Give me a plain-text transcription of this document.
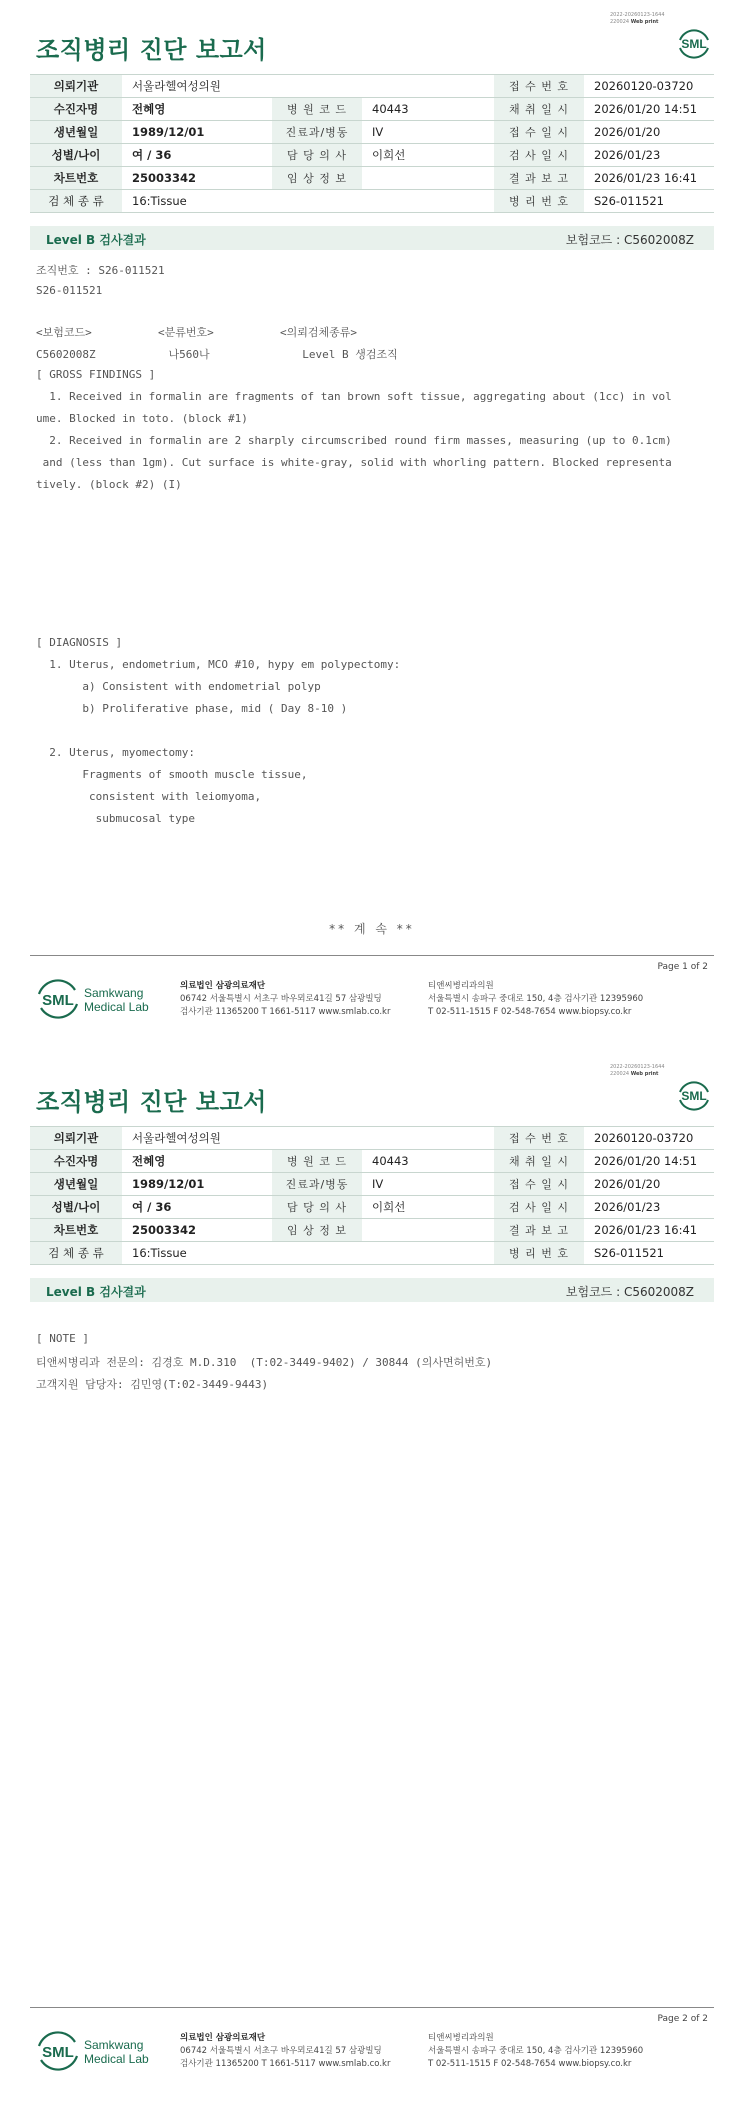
2022-20260123-1644
220024 Web print
조직병리 진단 보고서	SML
의뢰기관	서울라헬여성의원			접 수 번 호	20260120-03720
수진자명	전혜영	병 원 코 드	40443	채 취 일 시	2026/01/20 14:51
생년월일	1989/12/01	진료과/병동	IV	접 수 일 시	2026/01/20
성별/나이	여 / 36	담 당 의 사	이희선	검 사 일 시	2026/01/23
차트번호	25003342	임 상 정 보		결 과 보 고	2026/01/23 16:41
검 체 종 류	16:Tissue			병 리 번 호	S26-011521
Level B 검사결과	보험코드 : C5602008Z
조직번호 : S26-011521
S26-011521
<보험코드>          <분류번호>          <의뢰검체종류>
C5602008Z           나560나              Level B 생검조직
[ GROSS FINDINGS ]
1. Received in formalin are fragments of tan brown soft tissue, aggregating about (1cc) in vol
ume. Blocked in toto. (block #1)
2. Received in formalin are 2 sharply circumscribed round firm masses, measuring (up to 0.1cm)
and (less than 1gm). Cut surface is white-gray, solid with whorling pattern. Blocked representa
tively. (block #2) (I)
[ DIAGNOSIS ]
1. Uterus, endometrium, MCO #10, hypy em polypectomy:
a) Consistent with endometrial polyp
b) Proliferative phase, mid ( Day 8-10 )
2. Uterus, myomectomy:
Fragments of smooth muscle tissue,
consistent with leiomyoma,
submucosal type
** 계 속 **
Page 1 of 2
SML Samkwang
Medical Lab
의료법인 삼광의료재단
06742 서울특별시 서초구 바우뫼로41길 57 삼광빌딩
검사기관 11365200 T 1661-5117 www.smlab.co.kr
티앤씨병리과의원
서울특별시 송파구 중대로 150, 4층 검사기관 12395960
T 02-511-1515 F 02-548-7654 www.biopsy.co.kr
2022-20260123-1644
220024 Web print
조직병리 진단 보고서	SML
의뢰기관	서울라헬여성의원			접 수 번 호	20260120-03720
수진자명	전혜영	병 원 코 드	40443	채 취 일 시	2026/01/20 14:51
생년월일	1989/12/01	진료과/병동	IV	접 수 일 시	2026/01/20
성별/나이	여 / 36	담 당 의 사	이희선	검 사 일 시	2026/01/23
차트번호	25003342	임 상 정 보		결 과 보 고	2026/01/23 16:41
검 체 종 류	16:Tissue			병 리 번 호	S26-011521
Level B 검사결과	보험코드 : C5602008Z
[ NOTE ]
티앤씨병리과 전문의: 김경호 M.D.310  (T:02-3449-9402) / 30844 (의사면허번호)
고객지원 담당자: 김민영(T:02-3449-9443)
Page 2 of 2
SML Samkwang
Medical Lab
의료법인 삼광의료재단
06742 서울특별시 서초구 바우뫼로41길 57 삼광빌딩
검사기관 11365200 T 1661-5117 www.smlab.co.kr
티앤씨병리과의원
서울특별시 송파구 중대로 150, 4층 검사기관 12395960
T 02-511-1515 F 02-548-7654 www.biopsy.co.kr
